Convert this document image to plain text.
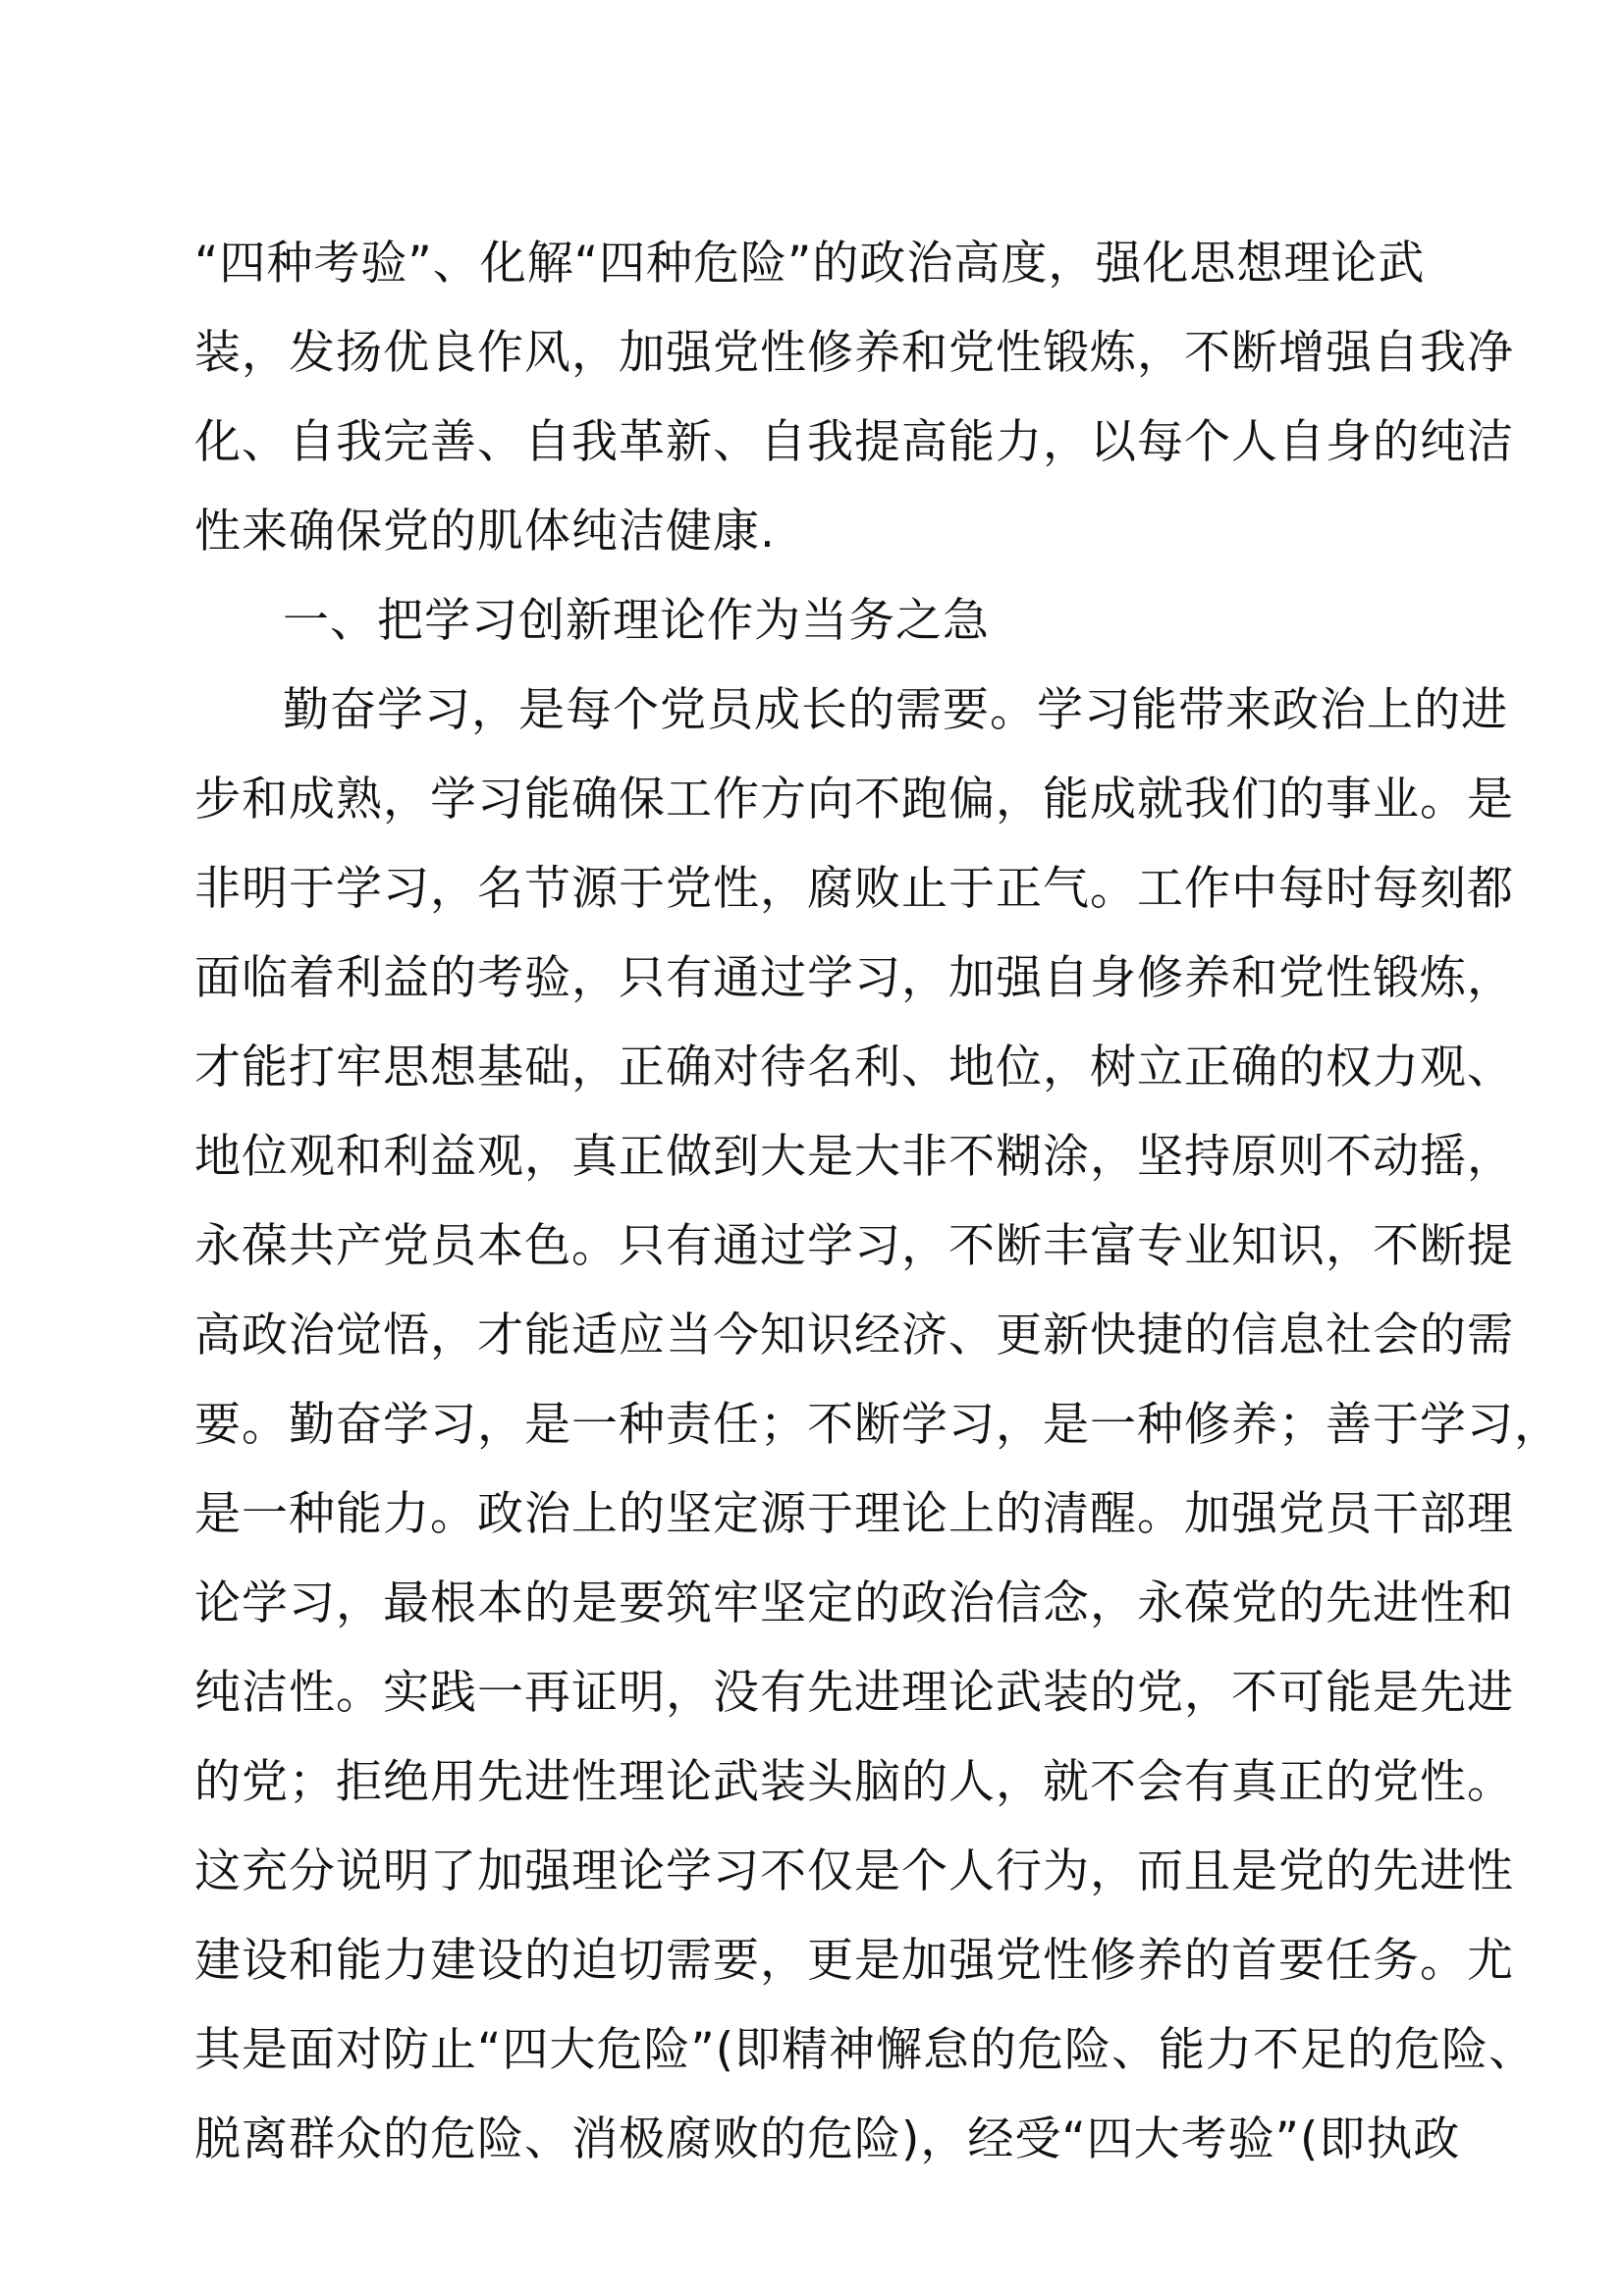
“四种考验”、化解“四种危险”的政治高度，强化思想理论武
装，发扬优良作风，加强党性修养和党性锻炼，不断增强自我净
化、自我完善、自我革新、自我提高能力，以每个人自身的纯洁
性来确保党的肌体纯洁健康.
一、把学习创新理论作为当务之急
勤奋学习，是每个党员成长的需要。学习能带来政治上的进
步和成熟，学习能确保工作方向不跑偏，能成就我们的事业。是
非明于学习，名节源于党性，腐败止于正气。工作中每时每刻都
面临着利益的考验，只有通过学习，加强自身修养和党性锻炼，
才能打牢思想基础，正确对待名利、地位，树立正确的权力观、
地位观和利益观，真正做到大是大非不糊涂，坚持原则不动摇，
永葆共产党员本色。只有通过学习，不断丰富专业知识，不断提
高政治觉悟，才能适应当今知识经济、更新快捷的信息社会的需
要。勤奋学习，是一种责任；不断学习，是一种修养；善于学习，
是一种能力。政治上的坚定源于理论上的清醒。加强党员干部理
论学习，最根本的是要筑牢坚定的政治信念，永葆党的先进性和
纯洁性。实践一再证明，没有先进理论武装的党，不可能是先进
的党；拒绝用先进性理论武装头脑的人，就不会有真正的党性。
这充分说明了加强理论学习不仅是个人行为，而且是党的先进性
建设和能力建设的迫切需要，更是加强党性修养的首要任务。尤
其是面对防止“四大危险”(即精神懈怠的危险、能力不足的危险、
脱离群众的危险、消极腐败的危险)，经受“四大考验”(即执政
